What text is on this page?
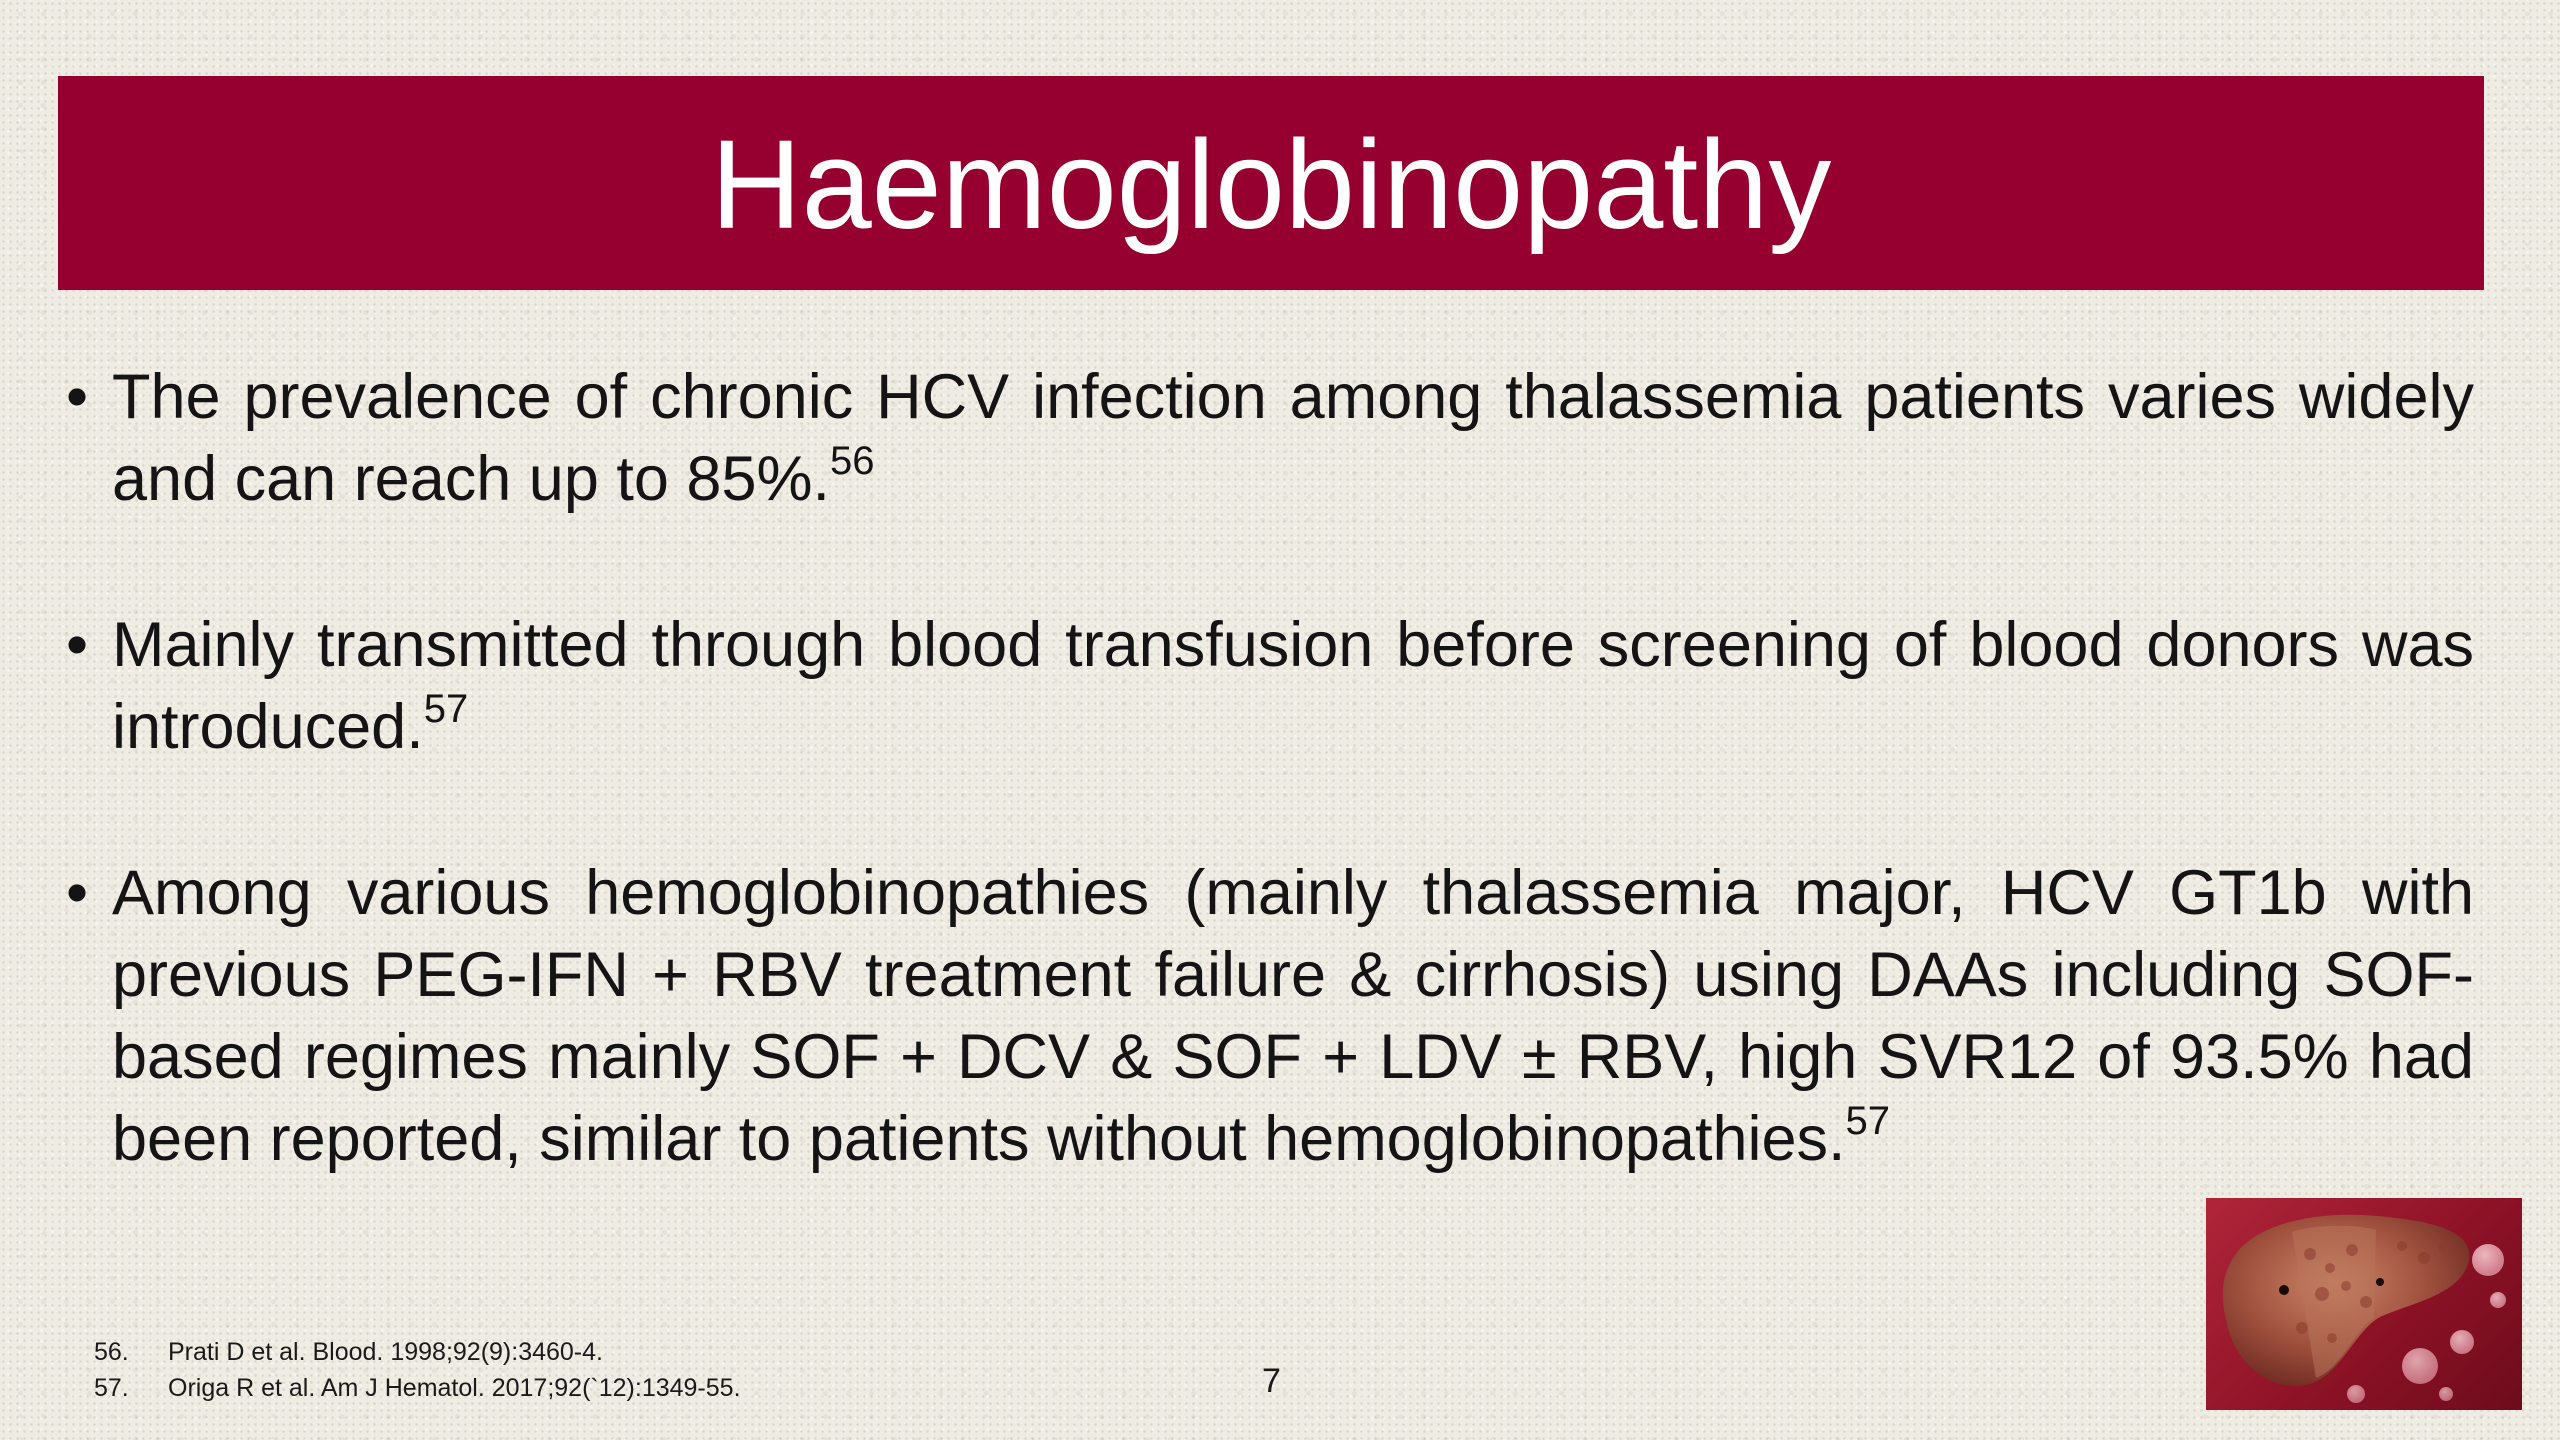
Haemoglobinopathy
• The prevalence of chronic HCV infection among thalassemia patients varies widely and can reach up to 85%.$^{56}$
• Mainly transmitted through blood transfusion before screening of blood donors was introduced.$^{57}$
• Among various hemoglobinopathies (mainly thalassemia major, HCV GT1b with previous PEG-IFN + RBV treatment failure & cirrhosis) using DAAs including SOF-based regimes mainly SOF + DCV & SOF + LDV ± RBV, high SVR12 of 93.5% had been reported, similar to patients without hemoglobinopathies.$^{57}$
56.	Prati D et al. Blood. 1998;92(9):3460-4.
57.	Origa R et al. Am J Hematol. 2017;92(`12):1349-55.	7
